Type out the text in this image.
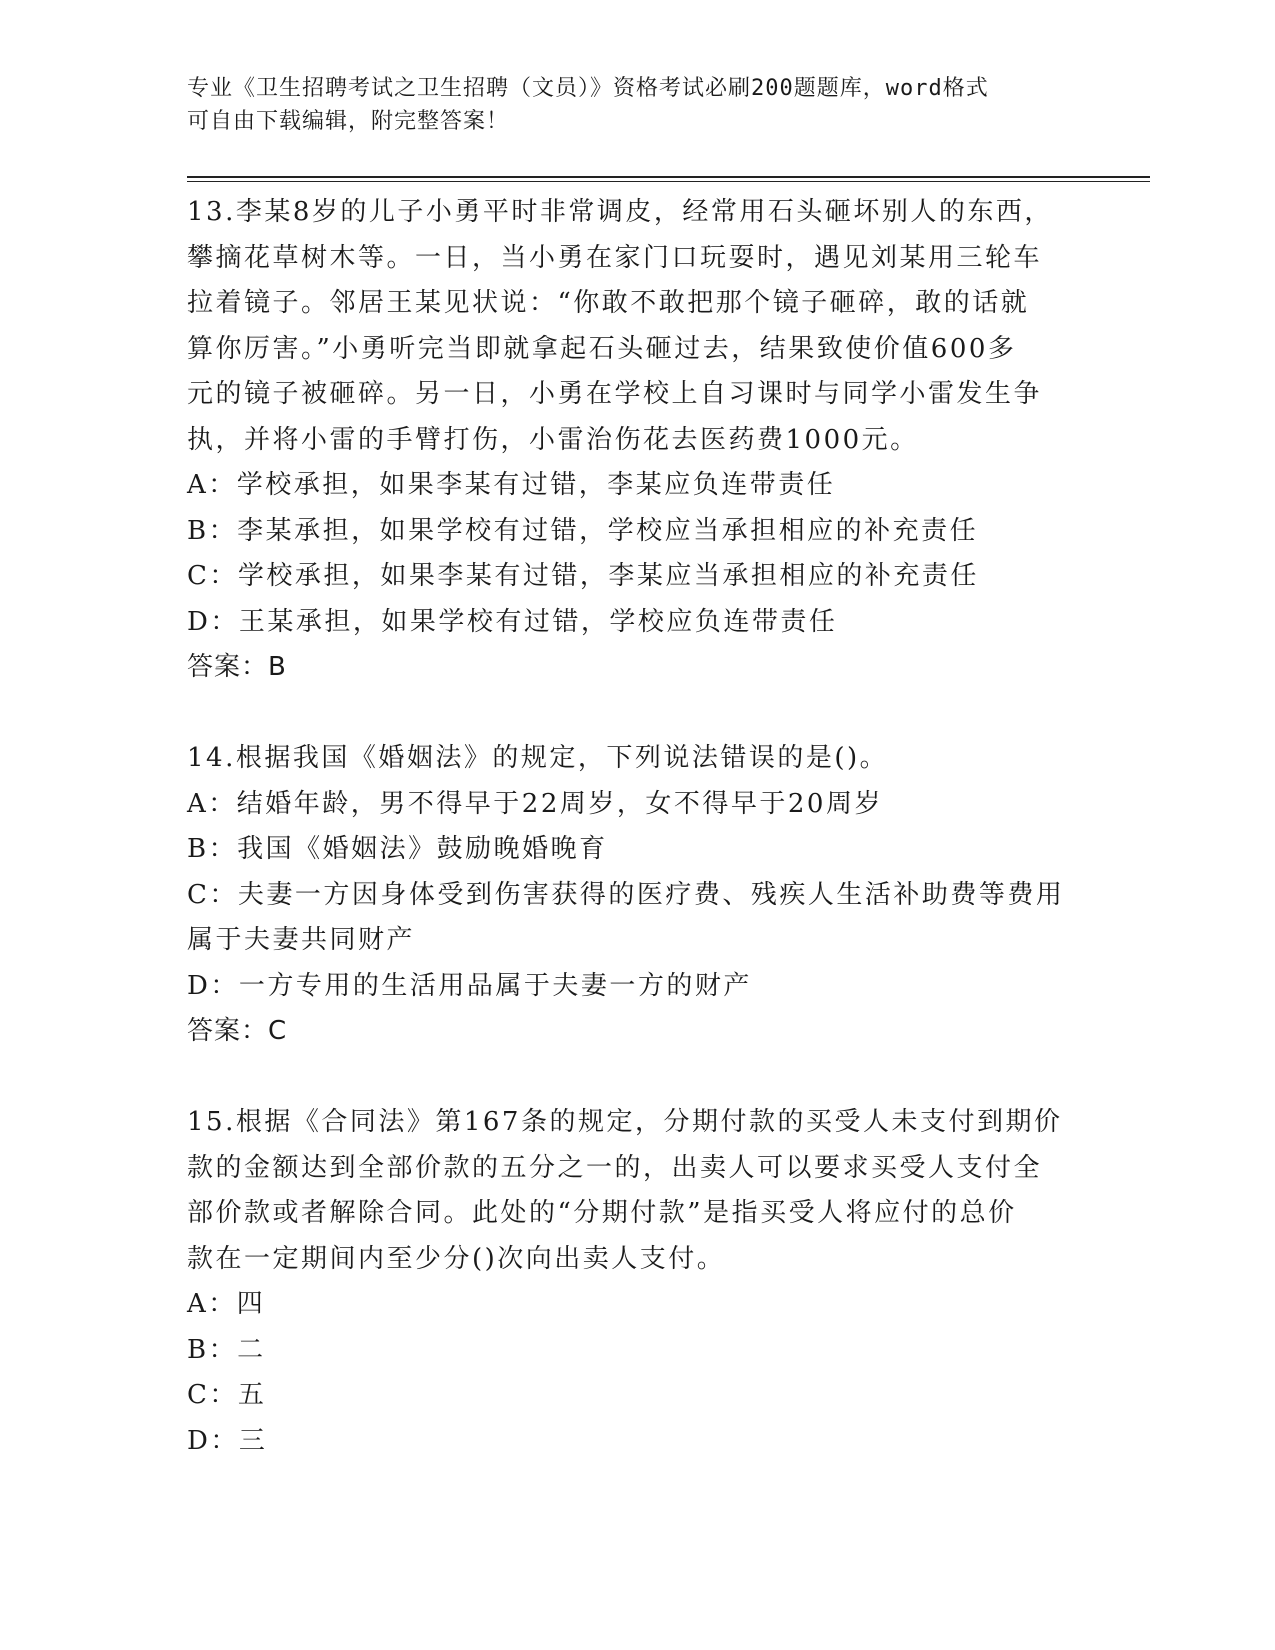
专业《卫生招聘考试之卫生招聘（文员）》资格考试必刷200题题库，word格式
可自由下载编辑，附完整答案！

13.李某8岁的儿子小勇平时非常调皮，经常用石头砸坏别人的东西，

攀摘花草树木等。一日，当小勇在家门口玩耍时，遇见刘某用三轮车

拉着镜子。邻居王某见状说：“你敢不敢把那个镜子砸碎，敢的话就

算你厉害。”小勇听完当即就拿起石头砸过去，结果致使价值600多

元的镜子被砸碎。另一日，小勇在学校上自习课时与同学小雷发生争

执，并将小雷的手臂打伤，小雷治伤花去医药费1000元。

A：学校承担，如果李某有过错，李某应负连带责任

B：李某承担，如果学校有过错，学校应当承担相应的补充责任

C：学校承担，如果李某有过错，李某应当承担相应的补充责任

D：王某承担，如果学校有过错，学校应负连带责任

答案：B

14.根据我国《婚姻法》的规定，下列说法错误的是()。

A：结婚年龄，男不得早于22周岁，女不得早于20周岁

B：我国《婚姻法》鼓励晚婚晚育

C：夫妻一方因身体受到伤害获得的医疗费、残疾人生活补助费等费用

属于夫妻共同财产

D：一方专用的生活用品属于夫妻一方的财产

答案：C

15.根据《合同法》第167条的规定，分期付款的买受人未支付到期价

款的金额达到全部价款的五分之一的，出卖人可以要求买受人支付全

部价款或者解除合同。此处的“分期付款”是指买受人将应付的总价

款在一定期间内至少分()次向出卖人支付。

A：四

B：二

C：五

D：三
